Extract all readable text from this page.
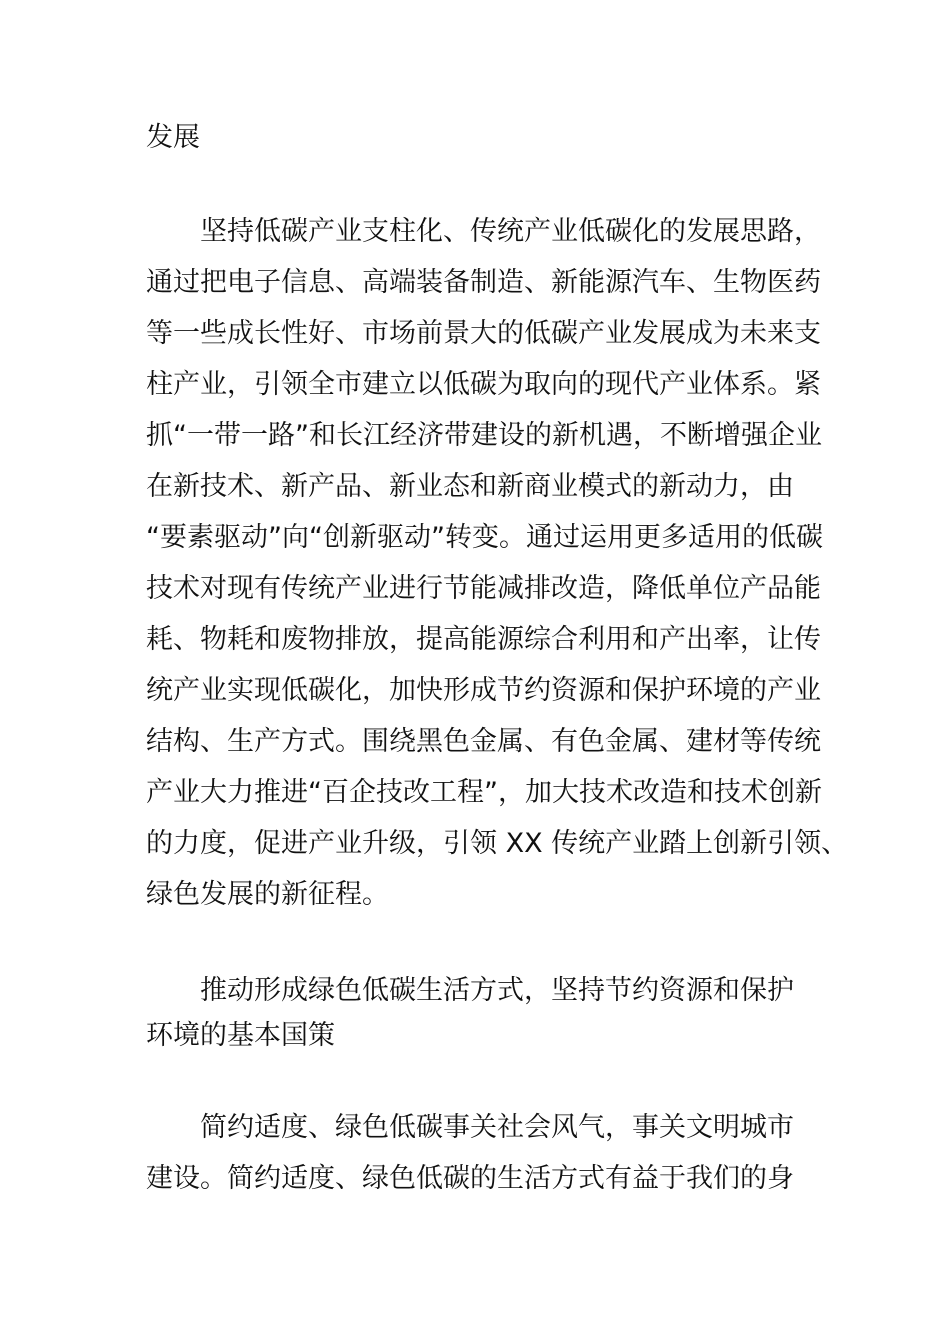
发展
坚持低碳产业支柱化、传统产业低碳化的发展思路，
通过把电子信息、高端装备制造、新能源汽车、生物医药
等一些成长性好、市场前景大的低碳产业发展成为未来支
柱产业，引领全市建立以低碳为取向的现代产业体系。紧
抓“一带一路”和长江经济带建设的新机遇，不断增强企业
在新技术、新产品、新业态和新商业模式的新动力，由
“要素驱动”向“创新驱动”转变。通过运用更多适用的低碳
技术对现有传统产业进行节能减排改造，降低单位产品能
耗、物耗和废物排放，提高能源综合利用和产出率，让传
统产业实现低碳化，加快形成节约资源和保护环境的产业
结构、生产方式。围绕黑色金属、有色金属、建材等传统
产业大力推进“百企技改工程”，加大技术改造和技术创新
的力度，促进产业升级，引领 XX 传统产业踏上创新引领、
绿色发展的新征程。
推动形成绿色低碳生活方式，坚持节约资源和保护
环境的基本国策
简约适度、绿色低碳事关社会风气，事关文明城市
建设。简约适度、绿色低碳的生活方式有益于我们的身
